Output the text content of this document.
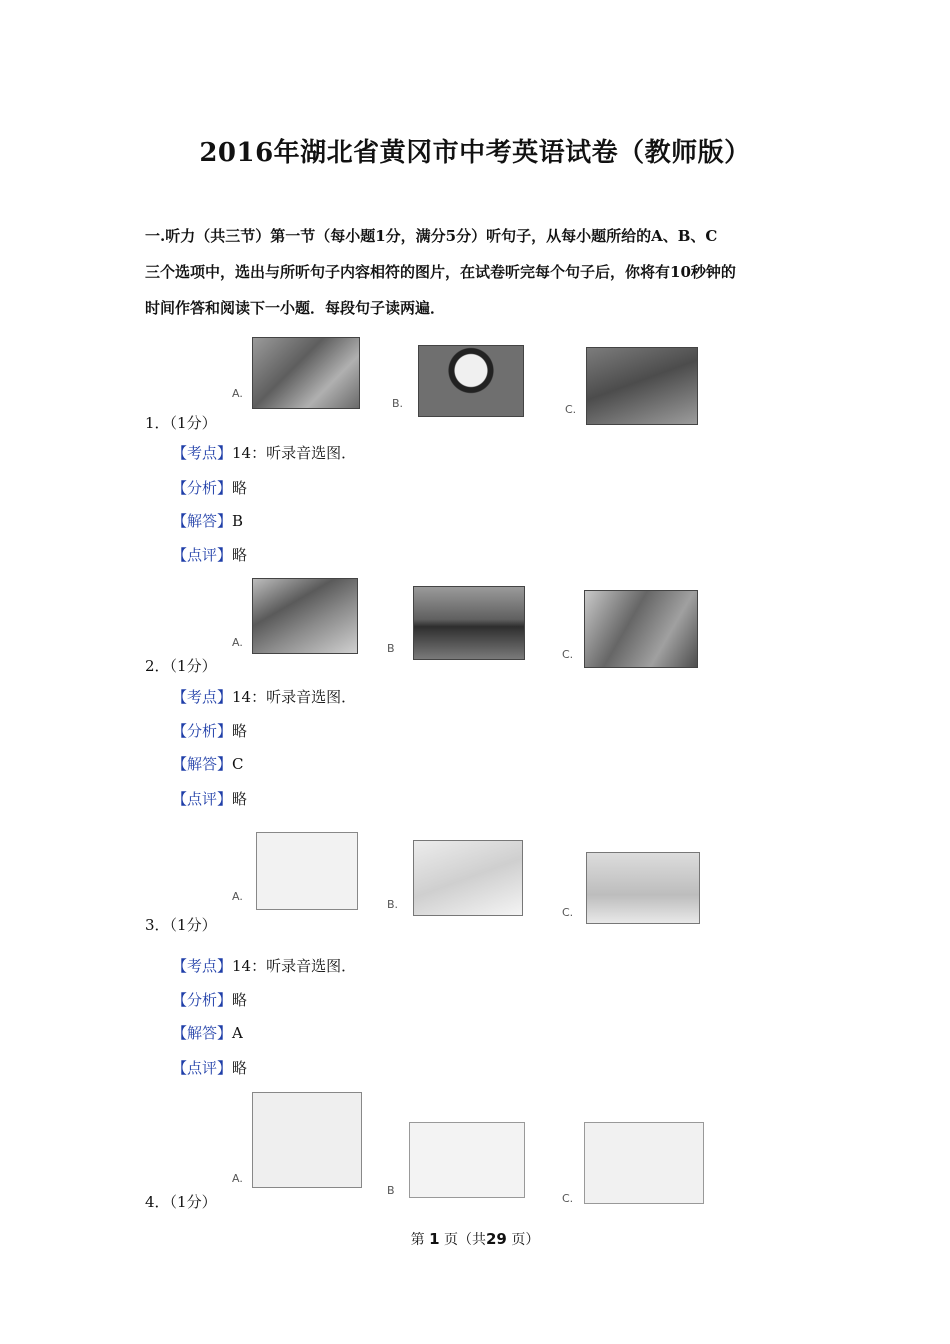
2016年湖北省黄冈市中考英语试卷（教师版）
一.听力（共三节）第一节（每小题1分，满分5分）听句子，从每小题所给的A、B、C
三个选项中，选出与所听句子内容相符的图片，在试卷听完每个句子后，你将有10秒钟的
时间作答和阅读下一小题．每段句子读两遍．
A.
B.	C.
1．（1分）
【考点】14：听录音选图．
【分析】略
【解答】B
【点评】略
A.	B	C.
2．（1分）
【考点】14：听录音选图．
【分析】略
【解答】C
【点评】略
A.
B.
C.
3．（1分）
【考点】14：听录音选图．
【分析】略
【解答】A
【点评】略
A.
B
C.
4．（1分）
第 1 页（共29 页）
